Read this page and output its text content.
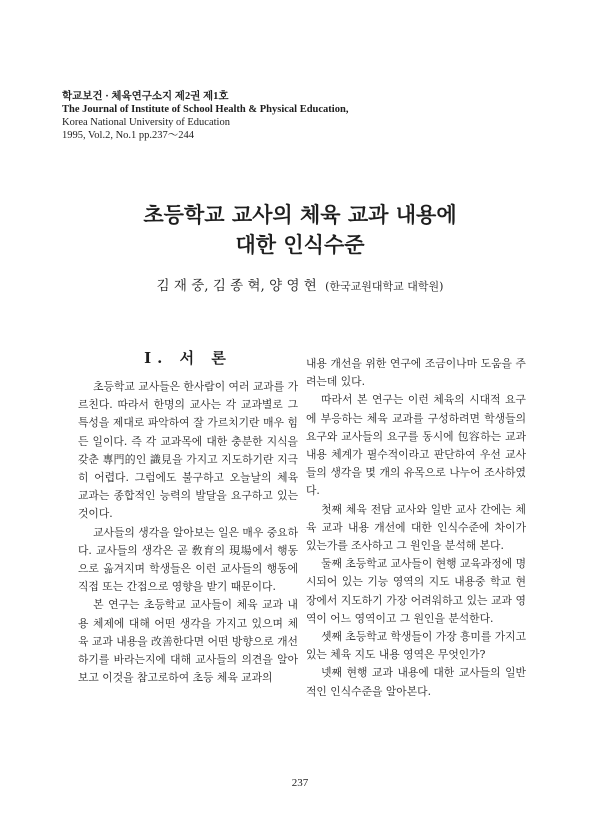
학교보건 · 체육연구소지 제2권 제1호
The Journal of Institute of School Health & Physical Education,
Korea National University of Education
1995, Vol.2, No.1 pp.237～244
초등학교 교사의 체육 교과 내용에
대한 인식수준
김 재 중, 김 종 혁, 양 영 현 (한국교원대학교 대학원)
Ⅰ. 서 론

초등학교 교사들은 한사람이 여러 교과를 가르친다. 따라서 한명의 교사는 각 교과별로 그 특성을 제대로 파악하여 잘 가르치기란 매우 힘든 일이다. 즉 각 교과목에 대한 충분한 지식을 갖춘 專門的인 識見을 가지고 지도하기란 지극히 어렵다. 그럼에도 불구하고 오늘날의 체육 교과는 종합적인 능력의 발달을 요구하고 있는 것이다.

교사들의 생각을 알아보는 일은 매우 중요하다. 교사들의 생각은 곧 敎育의 現場에서 행동으로 옮겨지며 학생들은 이런 교사들의 행동에 직접 또는 간접으로 영향을 받기 때문이다.

본 연구는 초등학교 교사들이 체육 교과 내용 체제에 대해 어떤 생각을 가지고 있으며 체육 교과 내용을 改善한다면 어떤 방향으로 개선하기를 바라는지에 대해 교사들의 의견을 알아보고 이것을 참고로하여 초등 체육 교과의

내용 개선을 위한 연구에 조금이나마 도움을 주려는데 있다.

따라서 본 연구는 이런 체육의 시대적 요구에 부응하는 체육 교과를 구성하려면 학생들의 요구와 교사들의 요구를 동시에 包容하는 교과 내용 체계가 필수적이라고 판단하여 우선 교사들의 생각을 몇 개의 유목으로 나누어 조사하였다.

첫째 체육 전담 교사와 일반 교사 간에는 체육 교과 내용 개선에 대한 인식수준에 차이가 있는가를 조사하고 그 원인을 분석해 본다.

둘째 초등학교 교사들이 현행 교육과정에 명시되어 있는 기능 영역의 지도 내용중 학교 현장에서 지도하기 가장 어려워하고 있는 교과 영역이 어느 영역이고 그 원인을 분석한다.

셋째 초등학교 학생들이 가장 흥미를 가지고 있는 체육 지도 내용 영역은 무엇인가?

넷째 현행 교과 내용에 대한 교사들의 일반적인 인식수준을 알아본다.

237
